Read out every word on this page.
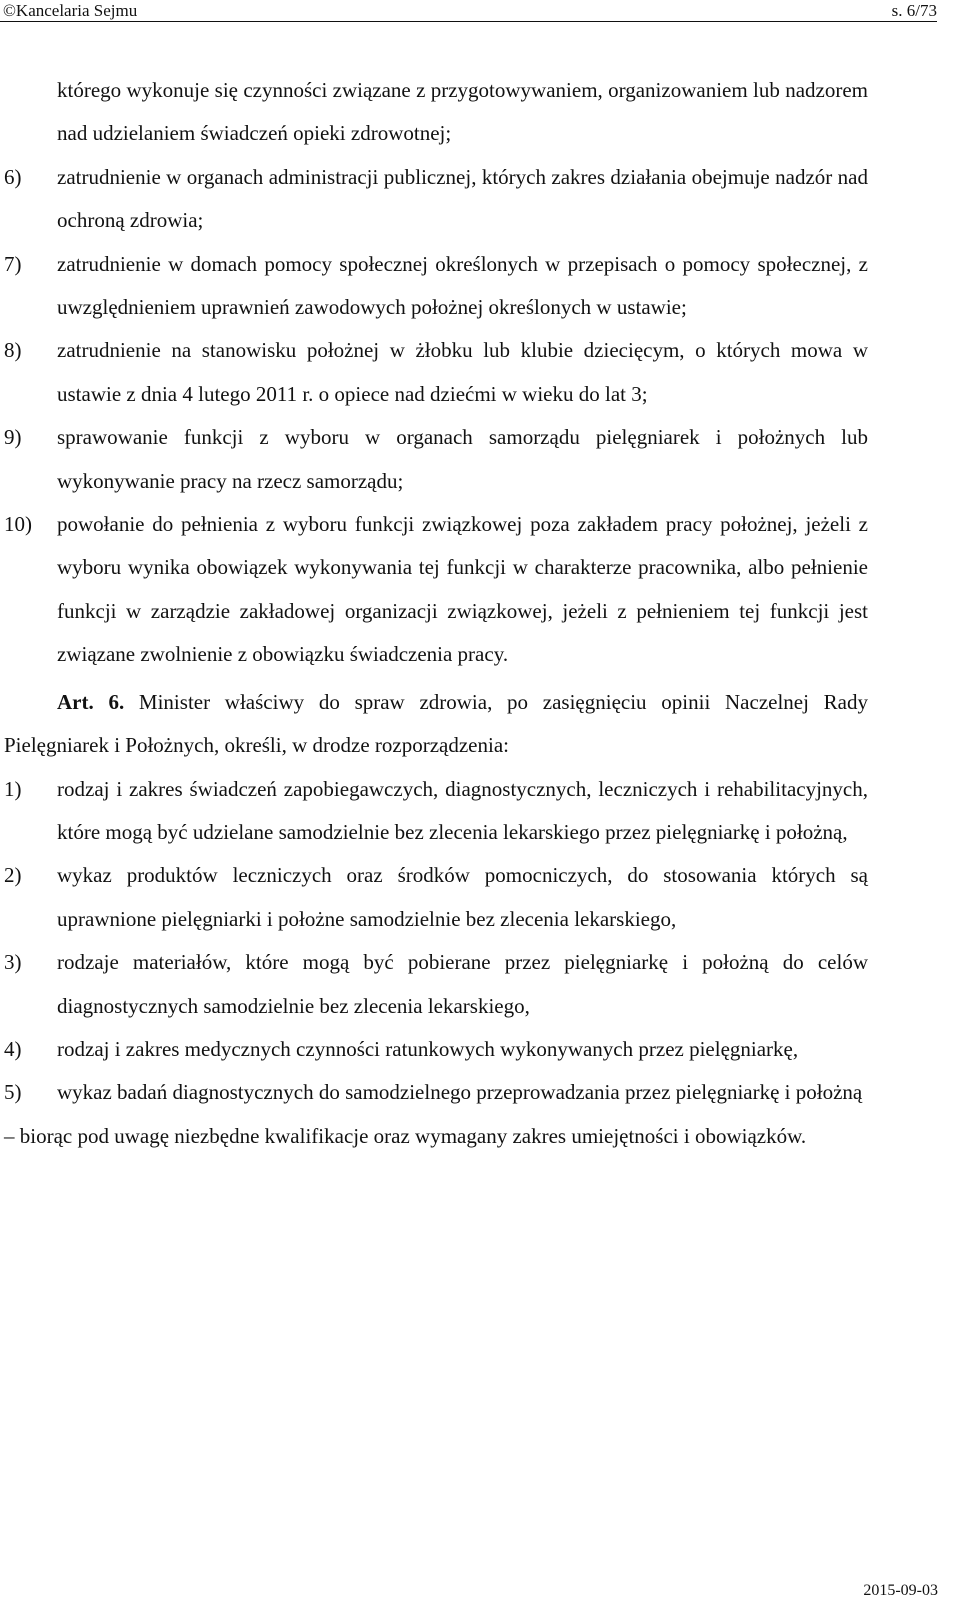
©Kancelaria Sejmu	s. 6/73
którego wykonuje się czynności związane z przygotowywaniem, organizowaniem lub nadzorem nad udzielaniem świadczeń opieki zdrowotnej;
6) zatrudnienie w organach administracji publicznej, których zakres działania obejmuje nadzór nad ochroną zdrowia;
7) zatrudnienie w domach pomocy społecznej określonych w przepisach o pomocy społecznej, z uwzględnieniem uprawnień zawodowych położnej określonych w ustawie;
8) zatrudnienie na stanowisku położnej w żłobku lub klubie dziecięcym, o których mowa w ustawie z dnia 4 lutego 2011 r. o opiece nad dziećmi w wieku do lat 3;
9) sprawowanie funkcji z wyboru w organach samorządu pielęgniarek i położnych lub wykonywanie pracy na rzecz samorządu;
10) powołanie do pełnienia z wyboru funkcji związkowej poza zakładem pracy położnej, jeżeli z wyboru wynika obowiązek wykonywania tej funkcji w charakterze pracownika, albo pełnienie funkcji w zarządzie zakładowej organizacji związkowej, jeżeli z pełnieniem tej funkcji jest związane zwolnienie z obowiązku świadczenia pracy.
Art. 6. Minister właściwy do spraw zdrowia, po zasięgnięciu opinii Naczelnej Rady Pielęgniarek i Położnych, określi, w drodze rozporządzenia:
1) rodzaj i zakres świadczeń zapobiegawczych, diagnostycznych, leczniczych i rehabilitacyjnych, które mogą być udzielane samodzielnie bez zlecenia lekarskiego przez pielęgniarkę i położną,
2) wykaz produktów leczniczych oraz środków pomocniczych, do stosowania których są uprawnione pielęgniarki i położne samodzielnie bez zlecenia lekarskiego,
3) rodzaje materiałów, które mogą być pobierane przez pielęgniarkę i położną do celów diagnostycznych samodzielnie bez zlecenia lekarskiego,
4) rodzaj i zakres medycznych czynności ratunkowych wykonywanych przez pielęgniarkę,
5) wykaz badań diagnostycznych do samodzielnego przeprowadzania przez pielęgniarkę i położną
– biorąc pod uwagę niezbędne kwalifikacje oraz wymagany zakres umiejętności i obowiązków.
2015-09-03
